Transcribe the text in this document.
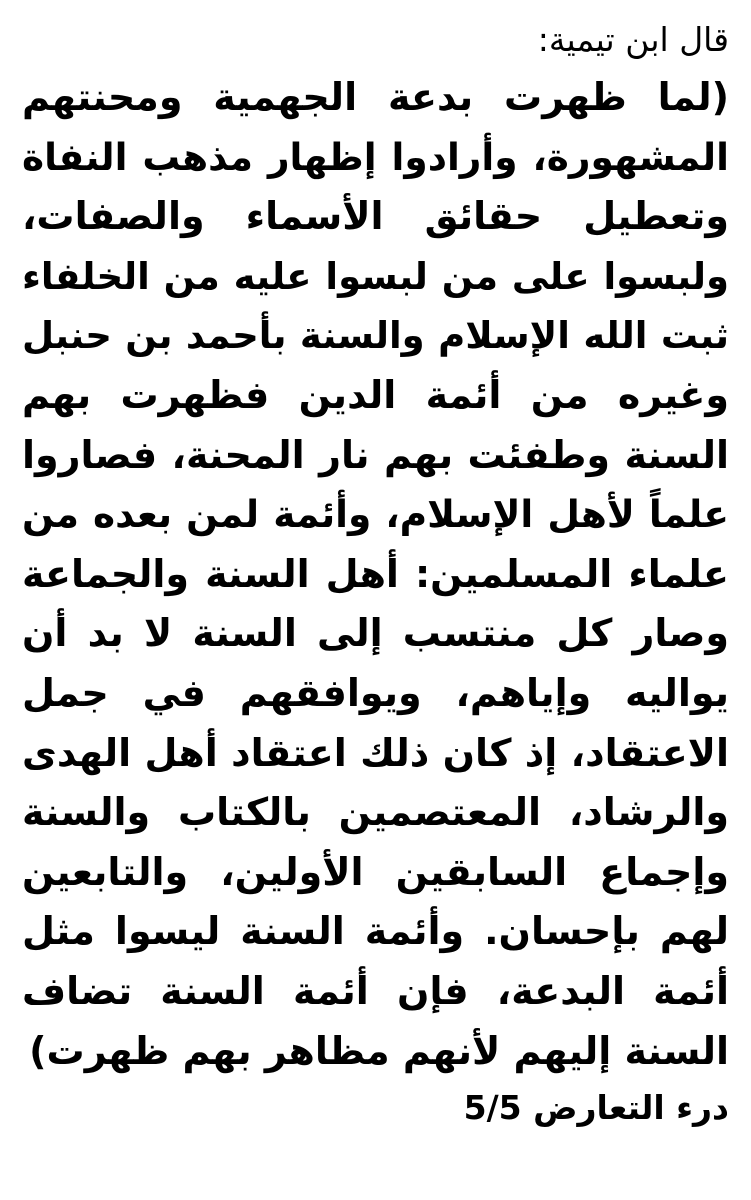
قال ابن تيمية:
(لما ظهرت بدعة الجهمية ومحنتهم
المشهورة، وأرادوا إظهار مذهب النفاة
وتعطيل حقائق الأسماء والصفات،
ولبسوا على من لبسوا عليه من الخلفاء
ثبت الله الإسلام والسنة بأحمد بن حنبل
وغيره من أئمة الدين فظهرت بهم
السنة وطفئت بهم نار المحنة، فصاروا
علماً لأهل الإسلام، وأئمة لمن بعده من
علماء المسلمين: أهل السنة والجماعة
وصار كل منتسب إلى السنة لا بد أن
يواليه وإياهم، ويوافقهم في جمل
الاعتقاد، إذ كان ذلك اعتقاد أهل الهدى
والرشاد، المعتصمين بالكتاب والسنة
وإجماع السابقين الأولين، والتابعين
لهم بإحسان. وأئمة السنة ليسوا مثل
أئمة البدعة، فإن أئمة السنة تضاف
السنة إليهم لأنهم مظاهر بهم ظهرت)
درء التعارض 5/5
